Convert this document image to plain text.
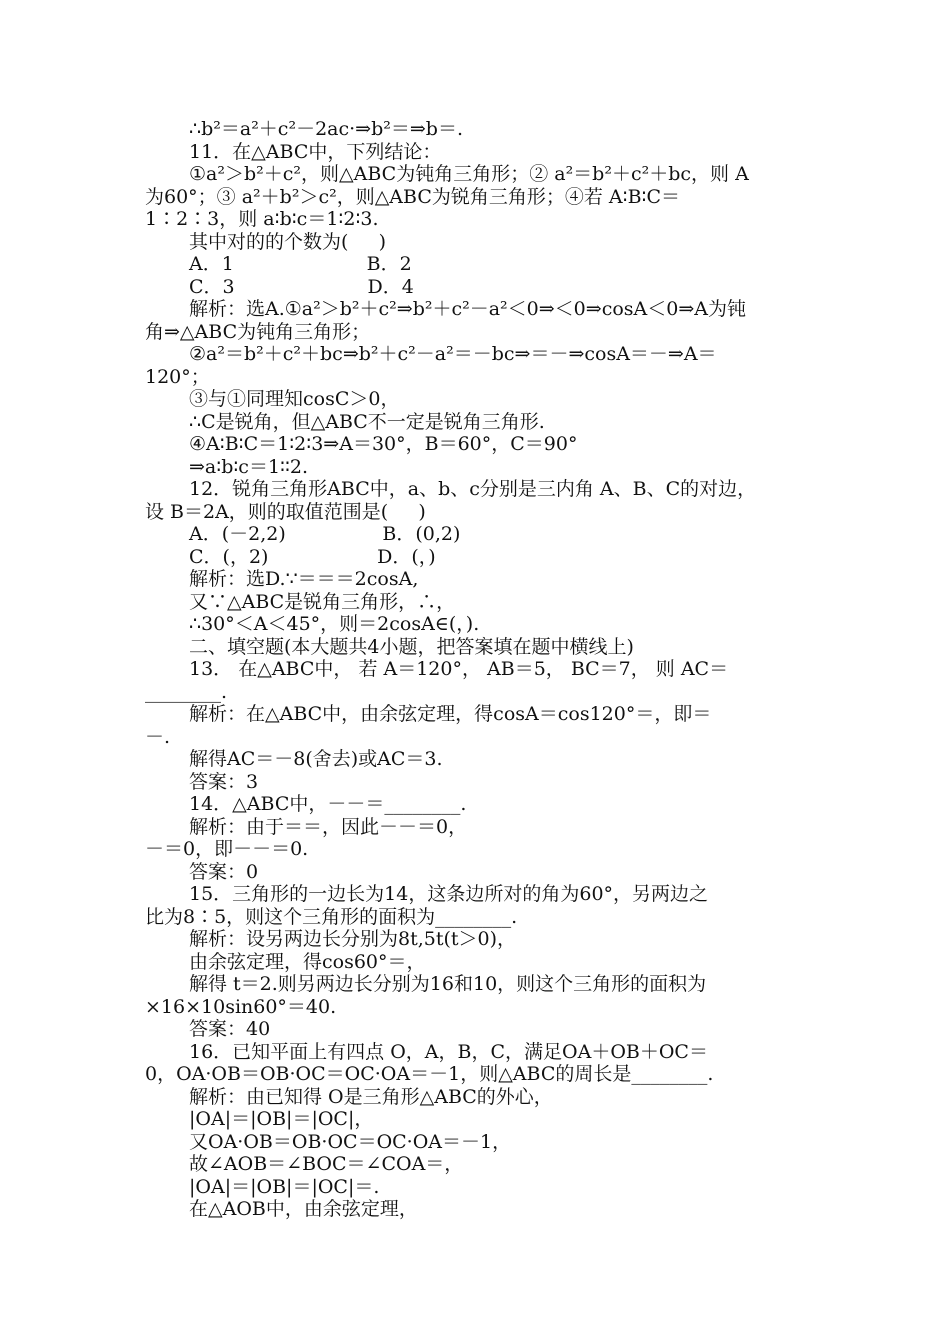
∴b²＝a²＋c²－2ac·⇒b²＝⇒b＝.
11．在△ABC中，下列结论：
①a²＞b²＋c²，则△ABC为钝角三角形；② a²＝b²＋c²＋bc，则 A
为60°；③ a²＋b²＞c²，则△ABC为锐角三角形；④若 A∶B∶C＝
1∶2∶3，则 a∶b∶c＝1∶2∶3.
其中对的的个数为(     )
A．1                      B．2
C．3                      D．4
解析：选A.①a²＞b²＋c²⇒b²＋c²－a²＜0⇒＜0⇒cosA＜0⇒A为钝
角⇒△ABC为钝角三角形；
②a²＝b²＋c²＋bc⇒b²＋c²－a²＝－bc⇒＝－⇒cosA＝－⇒A＝
120°；
③与①同理知cosC＞0，
∴C是锐角，但△ABC不一定是锐角三角形.
④A∶B∶C＝1∶2∶3⇒A＝30°，B＝60°，C＝90°
⇒a∶b∶c＝1∶∶2.
12．锐角三角形ABC中，a、b、c分别是三内角 A、B、C的对边，
设 B＝2A，则的取值范围是(     )
A．(－2,2)                B．(0,2)
C．(，2)                  D．(，)
解析：选D.∵＝＝＝2cosA,
又∵△ABC是锐角三角形，∴，
∴30°＜A＜45°，则＝2cosA∈(，).
二、填空题(本大题共4小题，把答案填在题中横线上)
13． 在△ABC中， 若 A＝120°， AB＝5， BC＝7， 则 AC＝
________.
解析：在△ABC中，由余弦定理，得cosA＝cos120°＝，即＝
－.
解得AC＝－8(舍去)或AC＝3.
答案：3
14．△ABC中，－－＝________.
解析：由于＝＝，因此－－＝0，
－＝0，即－－＝0.
答案：0
15．三角形的一边长为14，这条边所对的角为60°，另两边之
比为8∶5，则这个三角形的面积为________.
解析：设另两边长分别为8t,5t(t＞0)，
由余弦定理，得cos60°＝，
解得 t＝2.则另两边长分别为16和10，则这个三角形的面积为
×16×10sin60°＝40.
答案：40
16．已知平面上有四点 O，A，B，C，满足OA＋OB＋OC＝
0，OA·OB＝OB·OC＝OC·OA＝－1，则△ABC的周长是________.
解析：由已知得 O是三角形△ABC的外心，
|OA|＝|OB|＝|OC|，
又OA·OB＝OB·OC＝OC·OA＝－1，
故∠AOB＝∠BOC＝∠COA＝，
|OA|＝|OB|＝|OC|＝.
在△AOB中，由余弦定理，
